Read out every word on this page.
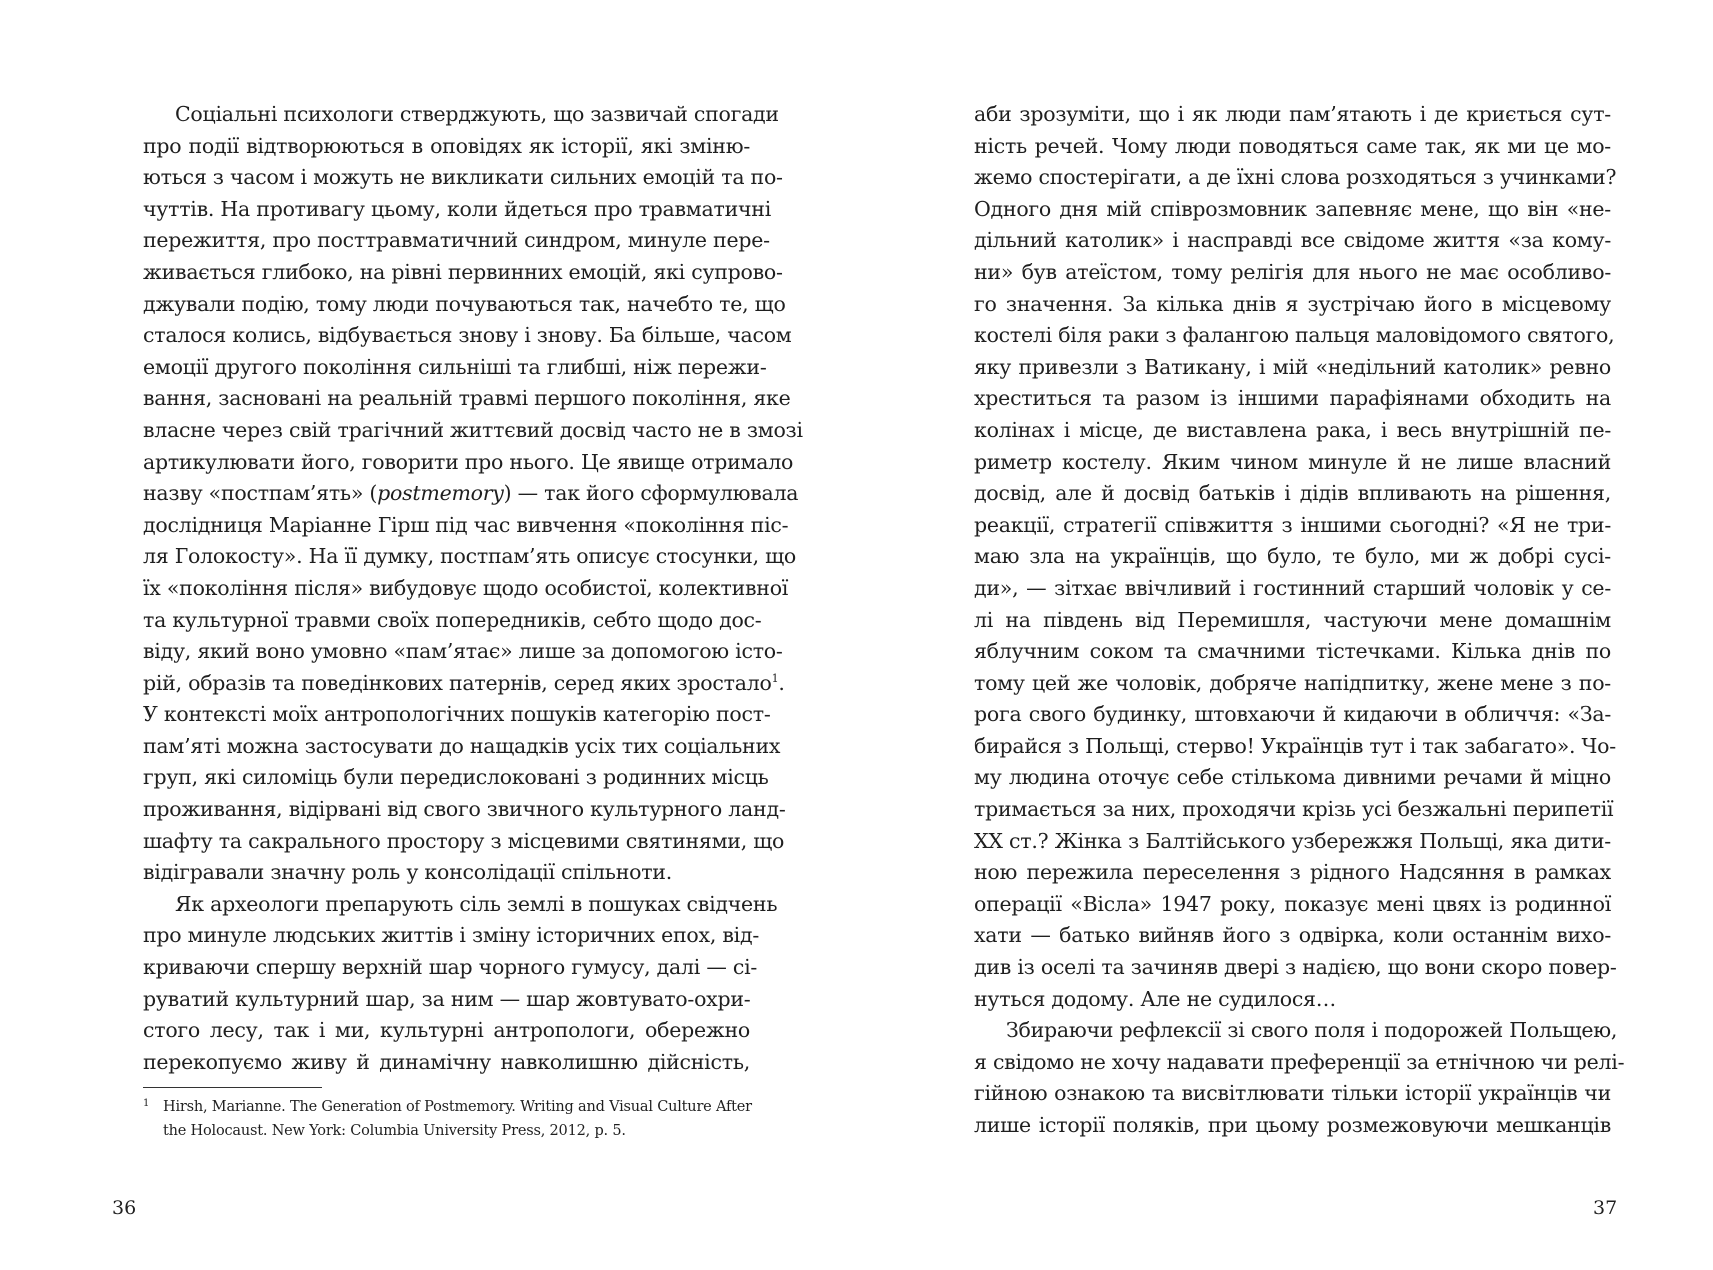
Соціальні психологи стверджують, що зазвичай спогади
про події відтворюються в оповідях як історії, які зміню-
ються з часом і можуть не викликати сильних емоцій та по-
чуттів. На противагу цьому, коли йдеться про травматичні
пережиття, про посттравматичний синдром, минуле пере-
живається глибоко, на рівні первинних емоцій, які супрово-
джували подію, тому люди почуваються так, начебто те, що
сталося колись, відбувається знову і знову. Ба більше, часом
емоції другого покоління сильніші та глибші, ніж пережи-
вання, засновані на реальній травмі першого покоління, яке
власне через свій трагічний життєвий досвід часто не в змозі
артикулювати його, говорити про нього. Це явище отримало
назву «постпам’ять» (postmemory) — так його сформулювала
дослідниця Маріанне Гірш під час вивчення «покоління піс-
ля Голокосту». На її думку, постпам’ять описує стосунки, що
їх «покоління після» вибудовує щодо особистої, колективної
та культурної травми своїх попередників, себто щодо дос-
віду, який воно умовно «пам’ятає» лише за допомогою істо-
рій, образів та поведінкових патернів, серед яких зростало$^1$.
У контексті моїх антропологічних пошуків категорію пост-
пам’яті можна застосувати до нащадків усіх тих соціальних
груп, які силоміць були передислоковані з родинних місць
проживання, відірвані від свого звичного культурного ланд-
шафту та сакрального простору з місцевими святинями, що
відігравали значну роль у консолідації спільноти.
Як археологи препарують сіль землі в пошуках свідчень
про минуле людських життів і зміну історичних епох, від-
криваючи спершу верхній шар чорного гумусу, далі — сі-
руватий культурний шар, за ним — шар жовтувато-охри-
стого лесу, так і ми, культурні антропологи, обережно
перекопуємо живу й динамічну навколишню дійсність,
1 Hirsh, Marianne. The Generation of Postmemory. Writing and Visual Culture After
the Holocaust. New York: Columbia University Press, 2012, p. 5.
36
аби зрозуміти, що і як люди пам’ятають і де криється сут-
ність речей. Чому люди поводяться саме так, як ми це мо-
жемо спостерігати, а де їхні слова розходяться з учинками?
Одного дня мій співрозмовник запевняє мене, що він «не-
дільний католик» і насправді все свідоме життя «за кому-
ни» був атеїстом, тому релігія для нього не має особливо-
го значення. За кілька днів я зустрічаю його в місцевому
костелі біля раки з фалангою пальця маловідомого святого,
яку привезли з Ватикану, і мій «недільний католик» ревно
хреститься та разом із іншими парафіянами обходить на
колінах і місце, де виставлена рака, і весь внутрішній пе-
риметр костелу. Яким чином минуле й не лише власний
досвід, але й досвід батьків і дідів впливають на рішення,
реакції, стратегії співжиття з іншими сьогодні? «Я не три-
маю зла на українців, що було, те було, ми ж добрі сусі-
ди», — зітхає ввічливий і гостинний старший чоловік у се-
лі на південь від Перемишля, частуючи мене домашнім
яблучним соком та смачними тістечками. Кілька днів по
тому цей же чоловік, добряче напідпитку, жене мене з по-
рога свого будинку, штовхаючи й кидаючи в обличчя: «За-
бирайся з Польщі, стерво! Українців тут і так забагато». Чо-
му людина оточує себе стількома дивними речами й міцно
тримається за них, проходячи крізь усі безжальні перипетії
XX ст.? Жінка з Балтійського узбережжя Польщі, яка дити-
ною пережила переселення з рідного Надсяння в рамках
операції «Вісла» 1947 року, показує мені цвях із родинної
хати — батько вийняв його з одвірка, коли останнім вихо-
див із оселі та зачиняв двері з надією, що вони скоро повер-
нуться додому. Але не судилося…
Збираючи рефлексії зі свого поля і подорожей Польщею,
я свідомо не хочу надавати преференції за етнічною чи релі-
гійною ознакою та висвітлювати тільки історії українців чи
лише історії поляків, при цьому розмежовуючи мешканців
37
